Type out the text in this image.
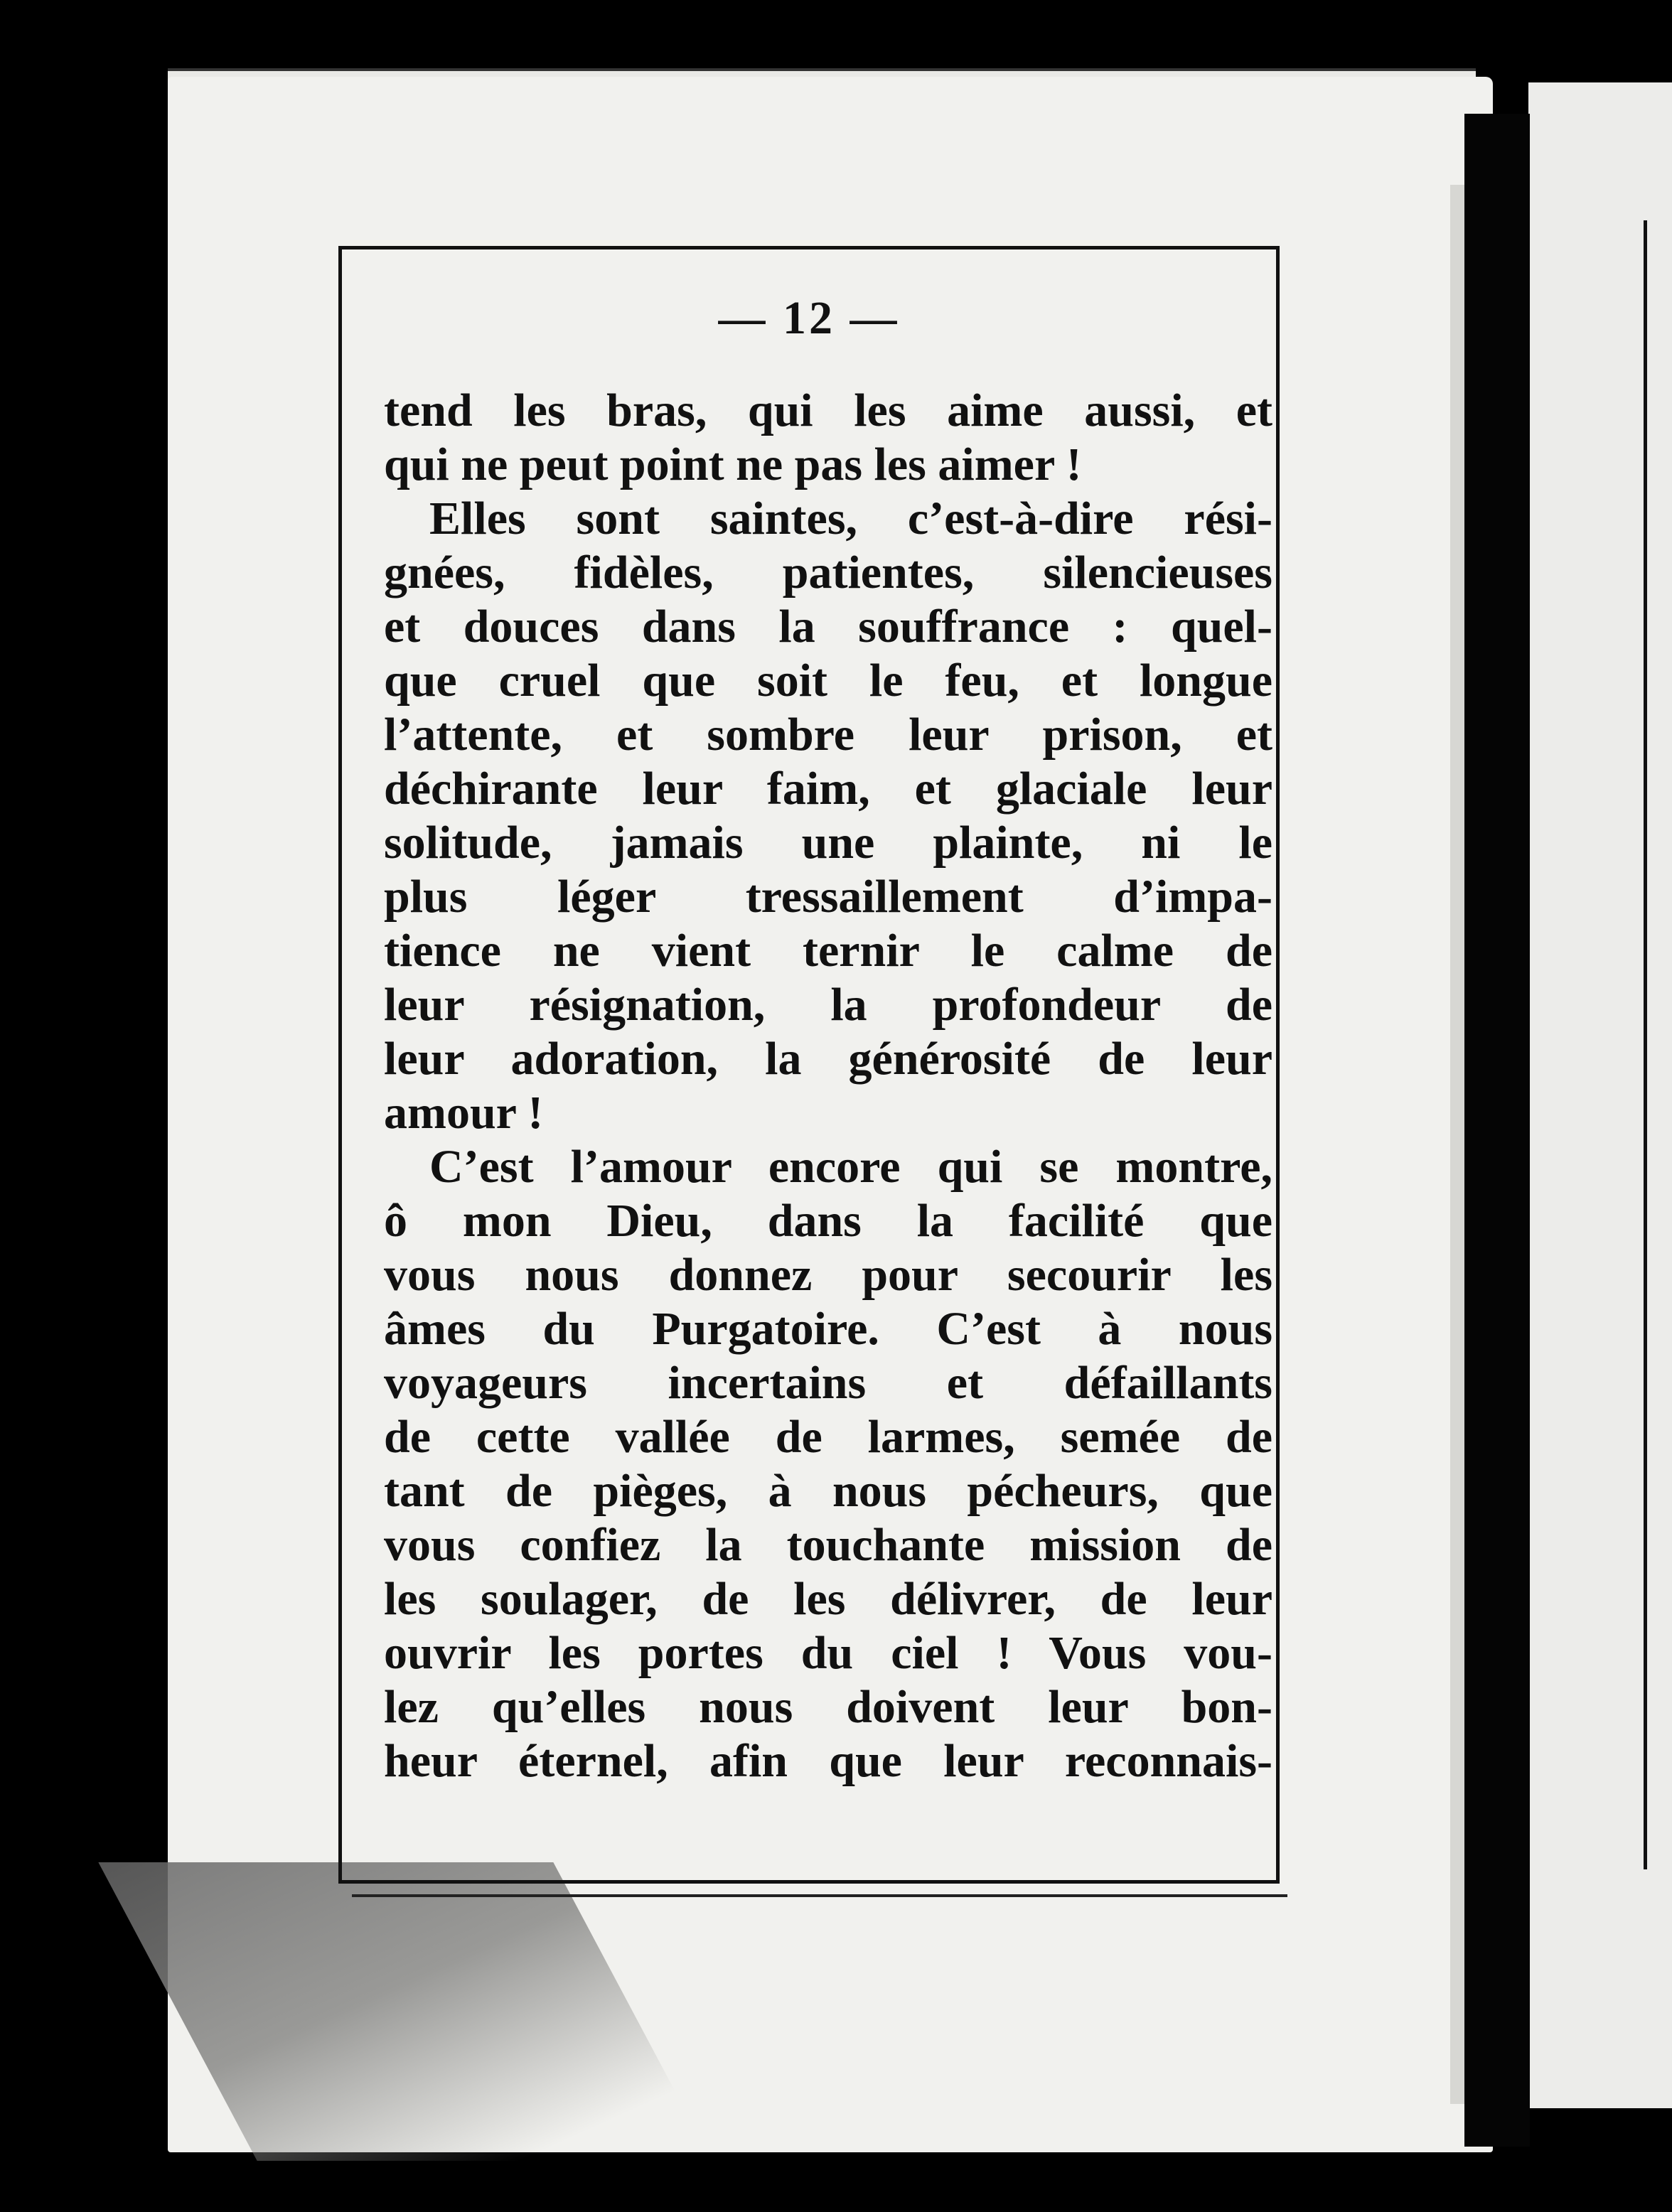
— 12 —

tend les bras, qui les aime aussi, et
qui ne peut point ne pas les aimer !

Elles sont saintes, c’est-à-dire rési-
gnées, fidèles, patientes, silencieuses
et douces dans la souffrance : quel-
que cruel que soit le feu, et longue
l’attente, et sombre leur prison, et
déchirante leur faim, et glaciale leur
solitude, jamais une plainte, ni le
plus léger tressaillement d’impa-
tience ne vient ternir le calme de
leur résignation, la profondeur de
leur adoration, la générosité de leur
amour !

C’est l’amour encore qui se montre,
ô mon Dieu, dans la facilité que
vous nous donnez pour secourir les
âmes du Purgatoire. C’est à nous
voyageurs incertains et défaillants
de cette vallée de larmes, semée de
tant de pièges, à nous pécheurs, que
vous confiez la touchante mission de
les soulager, de les délivrer, de leur
ouvrir les portes du ciel ! Vous vou-
lez qu’elles nous doivent leur bon-
heur éternel, afin que leur reconnais-
